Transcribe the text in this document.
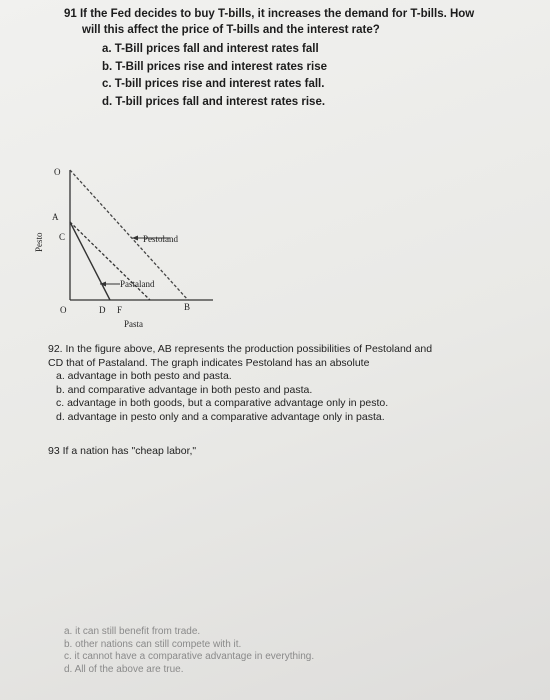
91 If the Fed decides to buy T-bills, it increases the demand for T-bills. How
will this affect the price of T-bills and the interest rate?

a. T-Bill prices fall and interest rates fall
b. T-Bill prices rise and interest rates rise
c. T-bill prices rise and interest rates fall.
d. T-bill prices fall and interest rates rise.
O
A
C
Pesto
O	D F	B
Pasta
Pestoland
Pastaland

92. In the figure above, AB represents the production possibilities of Pestoland and
CD that of Pastaland. The graph indicates Pestoland has an absolute

a. advantage in both pesto and pasta.
b. and comparative advantage in both pesto and pasta.
c. advantage in both goods, but a comparative advantage only in pesto.
d. advantage in pesto only and a comparative advantage only in pasta.
93 If a nation has "cheap labor,"
a. it can still benefit from trade.
b. other nations can still compete with it.
c. it cannot have a comparative advantage in everything.
d. All of the above are true.
